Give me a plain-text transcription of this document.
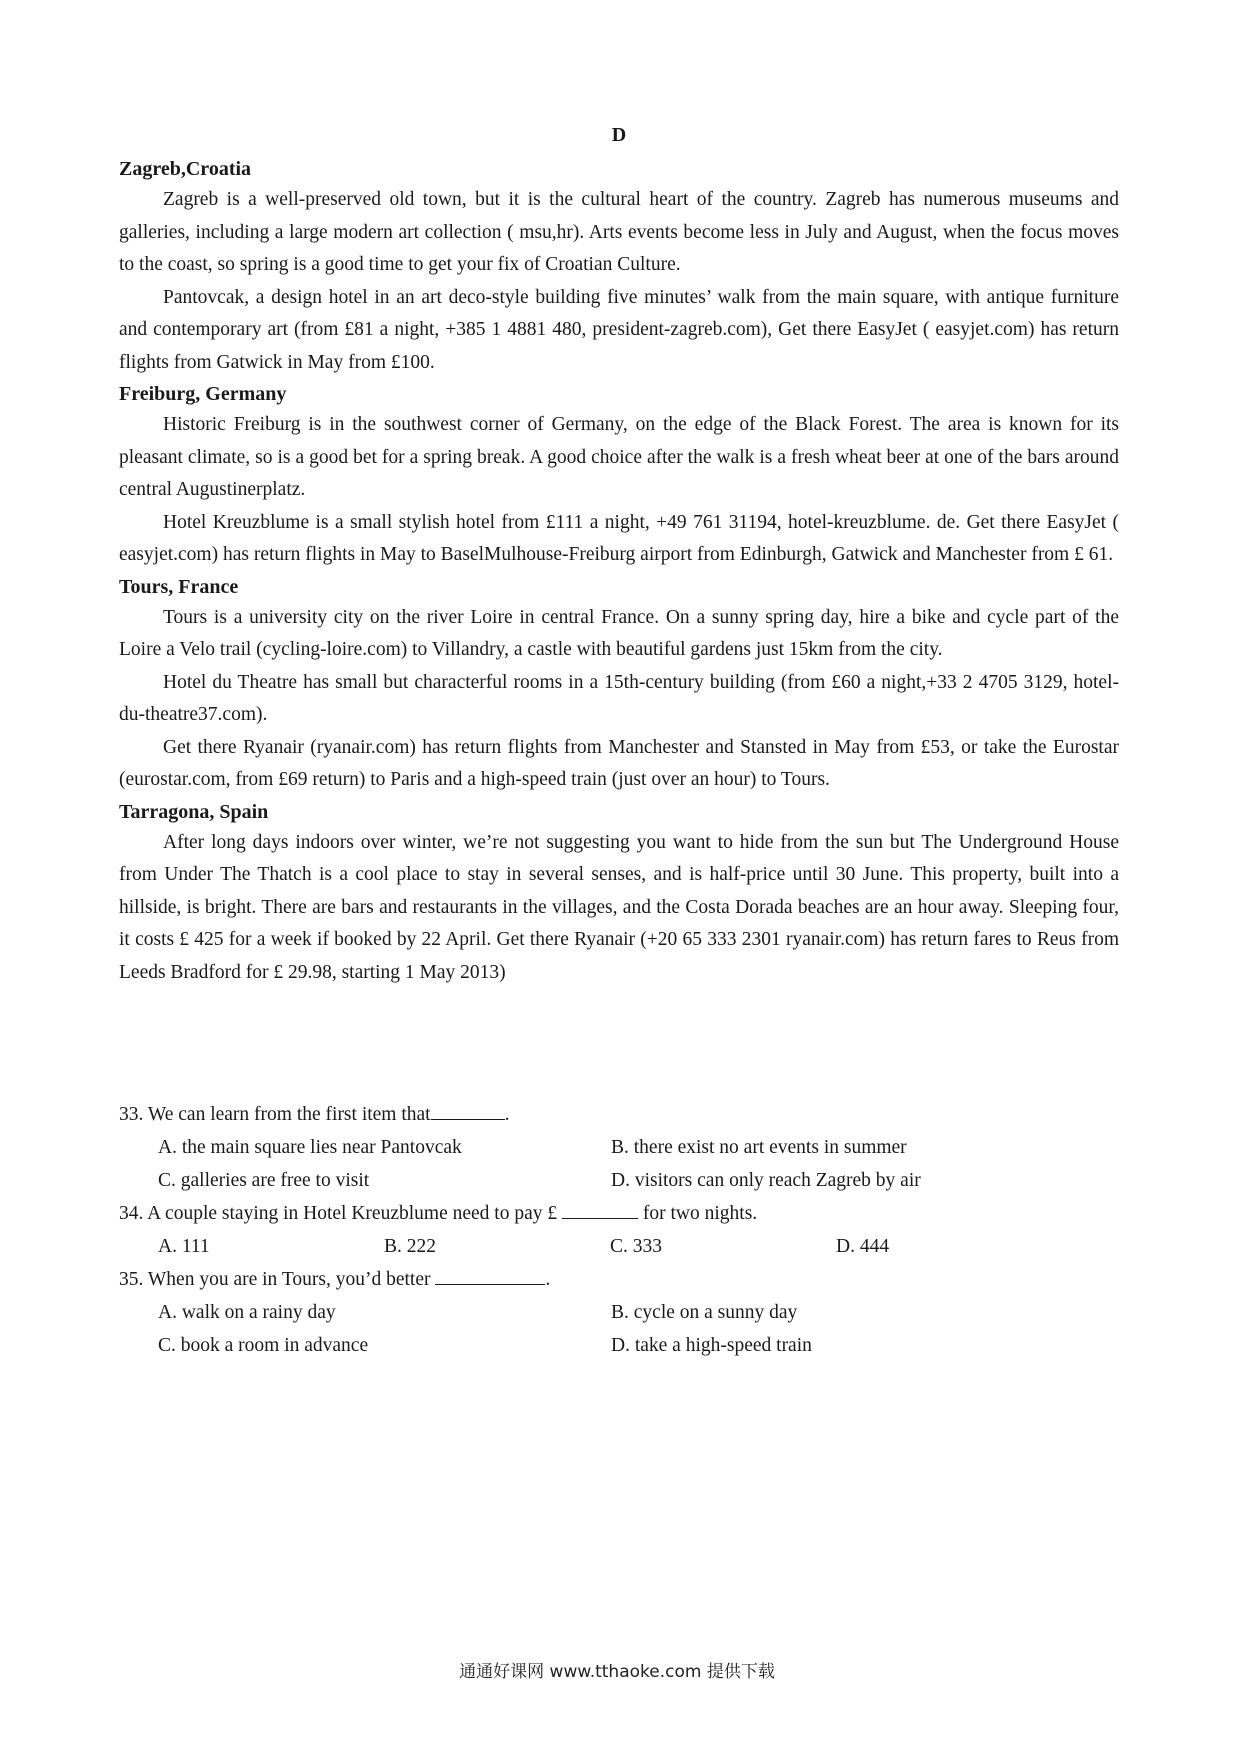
D
Zagreb,Croatia

Zagreb is a well-preserved old town, but it is the cultural heart of the country. Zagreb has numerous museums and galleries, including a large modern art collection ( msu,hr). Arts events become less in July and August, when the focus moves to the coast, so spring is a good time to get your fix of Croatian Culture.

Pantovcak, a design hotel in an art deco-style building five minutes’ walk from the main square, with antique furniture and contemporary art (from £81 a night, +385 1 4881 480, president-zagreb.com), Get there EasyJet ( easyjet.com) has return flights from Gatwick in May from £100.

Freiburg, Germany

Historic Freiburg is in the southwest corner of Germany, on the edge of the Black Forest. The area is known for its pleasant climate, so is a good bet for a spring break. A good choice after the walk is a fresh wheat beer at one of the bars around central Augustinerplatz.

Hotel Kreuzblume is a small stylish hotel from £111 a night, +49 761 31194, hotel-kreuzblume. de. Get there EasyJet ( easyjet.com) has return flights in May to BaselMulhouse-Freiburg airport from Edinburgh, Gatwick and Manchester from £ 61.

Tours, France

Tours is a university city on the river Loire in central France. On a sunny spring day, hire a bike and cycle part of the Loire a Velo trail (cycling-loire.com) to Villandry, a castle with beautiful gardens just 15km from the city.

Hotel du Theatre has small but characterful rooms in a 15th-century building (from £60 a night,+33 2 4705 3129, hotel-du-theatre37.com).

Get there Ryanair (ryanair.com) has return flights from Manchester and Stansted in May from £53, or take the Eurostar (eurostar.com, from £69 return) to Paris and a high-speed train (just over an hour) to Tours.

Tarragona, Spain

After long days indoors over winter, we’re not suggesting you want to hide from the sun but The Underground House from Under The Thatch is a cool place to stay in several senses, and is half-price until 30 June. This property, built into a hillside, is bright. There are bars and restaurants in the villages, and the Costa Dorada beaches are an hour away. Sleeping four, it costs £ 425 for a week if booked by 22 April. Get there Ryanair (+20 65 333 2301 ryanair.com) has return fares to Reus from Leeds Bradford for £ 29.98, starting 1 May 2013)

33. We can learn from the first item that	.
A. the main square lies near Pantovcak	B. there exist no art events in summer
C. galleries are free to visit	D. visitors can only reach Zagreb by air
34. A couple staying in Hotel Kreuzblume need to pay £	for two nights.
A. 111	B. 222	C. 333	D. 444
35. When you are in Tours, you’d better	.
A. walk on a rainy day	B. cycle on a sunny day
C. book a room in advance	D. take a high-speed train
通通好课网 www.tthaoke.com 提供下载
